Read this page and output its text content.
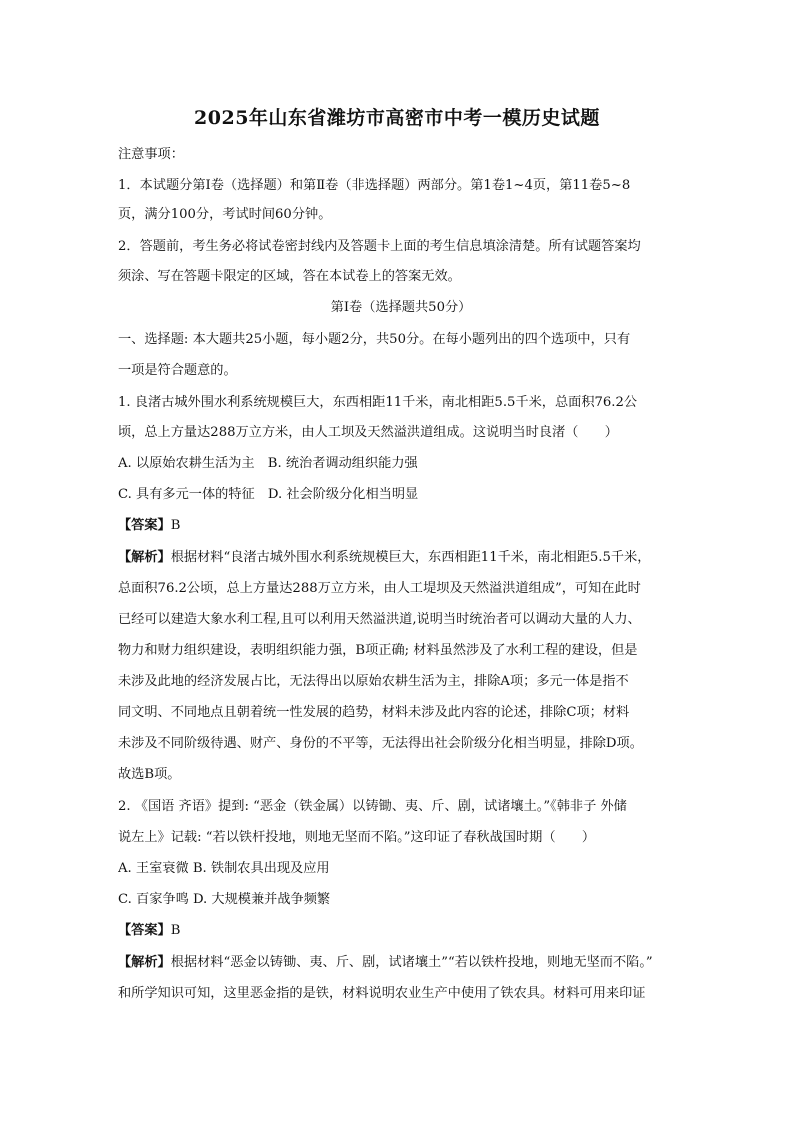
2025年山东省潍坊市高密市中考一模历史试题
注意事项：
1．本试题分第Ⅰ卷（选择题）和第Ⅱ卷（非选择题）两部分。第1卷1~4页，第11卷5~8
页，满分100分，考试时间60分钟。
2．答题前，考生务必将试卷密封线内及答题卡上面的考生信息填涂清楚。所有试题答案均
须涂、写在答题卡限定的区域，答在本试卷上的答案无效。
第Ⅰ卷（选择题共50分）
一、选择题: 本大题共25小题，每小题2分，共50分。在每小题列出的四个选项中，只有
一项是符合题意的。
1. 良渚古城外围水利系统规模巨大，东西相距11千米，南北相距5.5千米，总面积76.2公
顷，总上方量达288万立方米，由人工坝及天然溢洪道组成。这说明当时良渚（　　）
A. 以原始农耕生活为主　B. 统治者调动组织能力强
C. 具有多元一体的特征　D. 社会阶级分化相当明显
【答案】B
【解析】根据材料“良渚古城外围水利系统规模巨大，东西相距11千米，南北相距5.5千米，
总面积76.2公顷，总上方量达288万立方米，由人工堤坝及天然溢洪道组成”，可知在此时
已经可以建造大象水利工程,且可以利用天然溢洪道,说明当时统治者可以调动大量的人力、
物力和财力组织建设，表明组织能力强，B项正确; 材料虽然涉及了水利工程的建设，但是
未涉及此地的经济发展占比，无法得出以原始农耕生活为主，排除A项；多元一体是指不
同文明、不同地点且朝着统一性发展的趋势，材料未涉及此内容的论述，排除C项；材料
未涉及不同阶级待遇、财产、身份的不平等，无法得出社会阶级分化相当明显，排除D项。
故选B项。
2. 《国语 齐语》提到: “恶金（铁金属）以铸锄、夷、斤、剧，试诸壤土。”《韩非子 外储
说左上》记载: “若以铁杆投地，则地无坚而不陷。”这印证了春秋战国时期（　　）
A. 王室衰微 B. 铁制农具出现及应用
C. 百家争鸣 D. 大规模兼并战争频繁
【答案】B
【解析】根据材料“恶金以铸锄、夷、斤、剧，试诸壤土”“若以铁杵投地，则地无坚而不陷。”
和所学知识可知，这里恶金指的是铁，材料说明农业生产中使用了铁农具。材料可用来印证
